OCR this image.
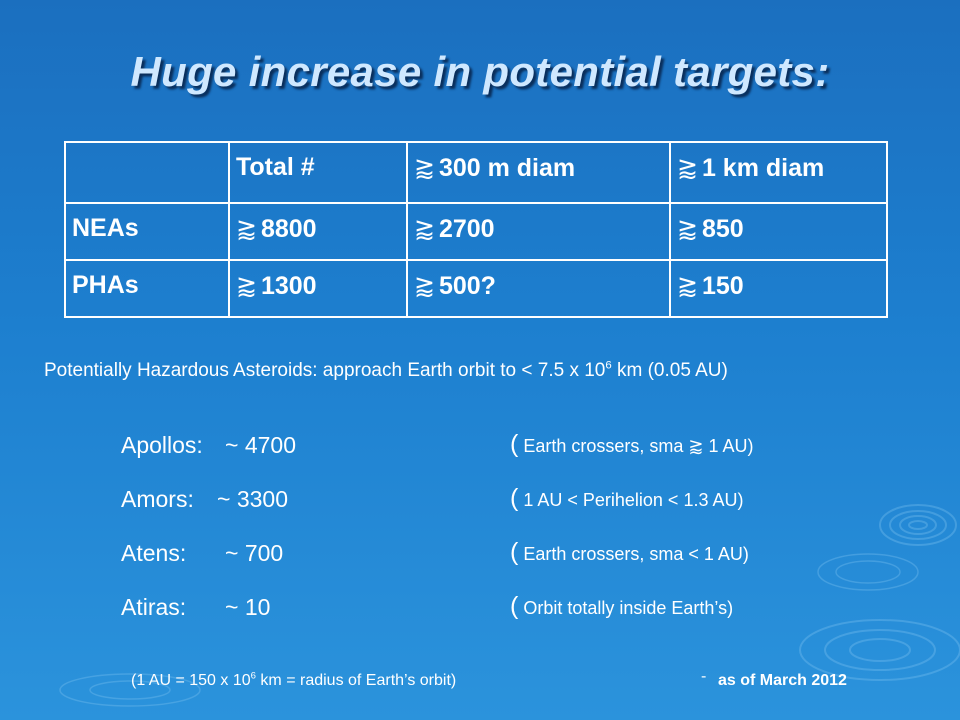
Huge increase in potential targets:
	Total #	⪆ 300 m diam	⪆ 1 km diam
NEAs	⪆ 8800	⪆ 2700	⪆ 850
PHAs	⪆ 1300	⪆ 500?	⪆ 150
Potentially Hazardous Asteroids: approach Earth orbit to < 7.5 x $10^6$ km (0.05 AU)
Apollos: ~ 4700	( Earth crossers, sma ⪆ 1 AU)
Amors: ~ 3300	( 1 AU < Perihelion < 1.3 AU)
Atens: ~ 700	( Earth crossers, sma < 1 AU)
Atiras: ~ 10	( Orbit totally inside Earth’s)
(1 AU = 150 x $10^6$ km = radius of Earth’s orbit)	- as of March 2012
